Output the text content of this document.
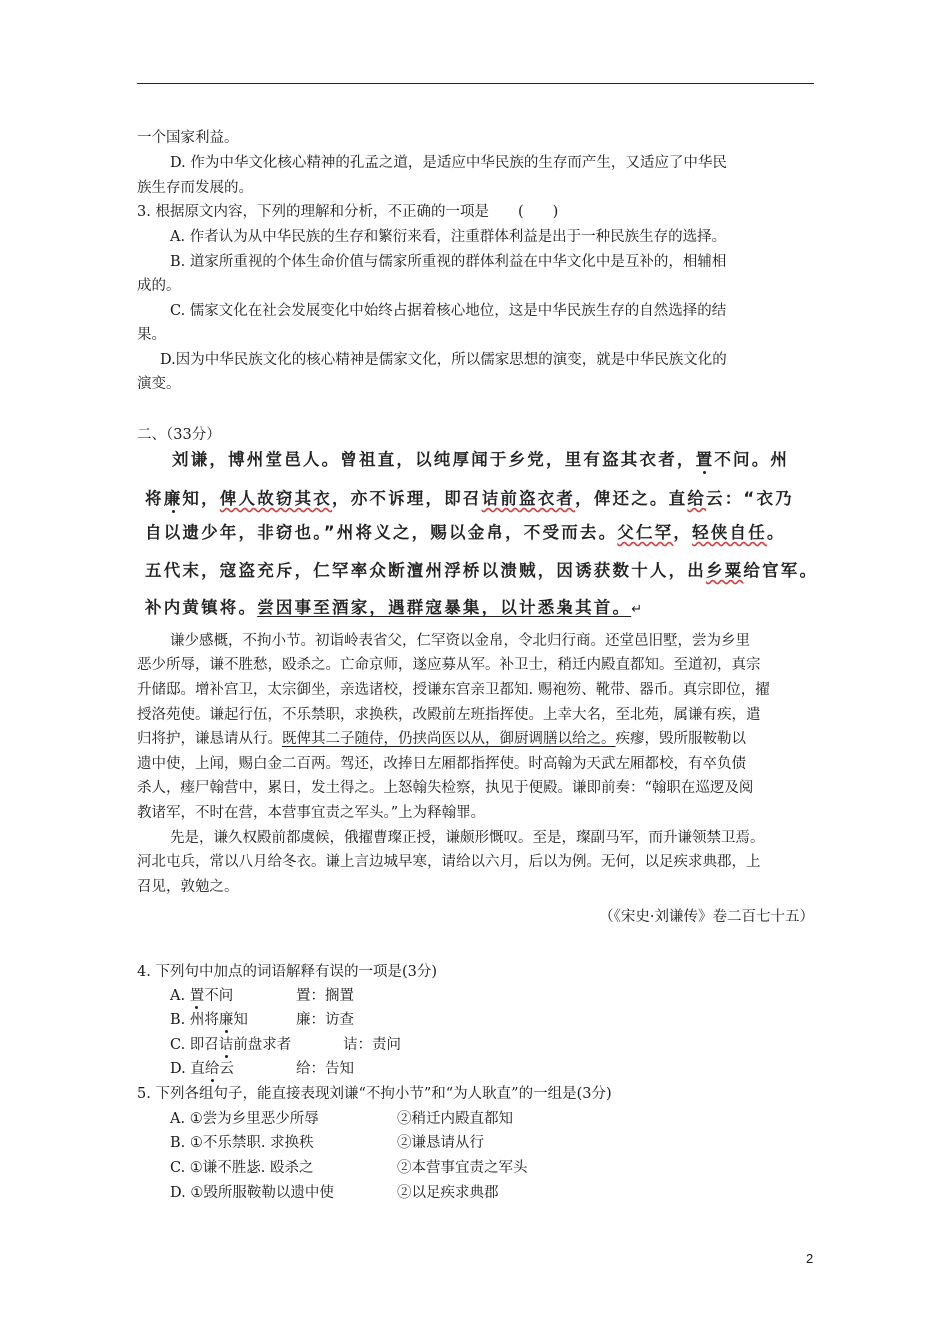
一个国家利益。
D. 作为中华文化核心精神的孔孟之道，是适应中华民族的生存而产生，又适应了中华民
族生存而发展的。
3. 根据原文内容，下列的理解和分析，不正确的一项是　　(　　)
A. 作者认为从中华民族的生存和繁衍来看，注重群体利益是出于一种民族生存的选择。
B. 道家所重视的个体生命价值与儒家所重视的群体利益在中华文化中是互补的，相辅相
成的。
C. 儒家文化在社会发展变化中始终占据着核心地位，这是中华民族生存的自然选择的结
果。
D.因为中华民族文化的核心精神是儒家文化，所以儒家思想的演变，就是中华民族文化的
演变。
二、（33分）
刘谦，博州堂邑人。曾祖直，以纯厚闻于乡党，里有盗其衣者，置不问。州
将廉知，俾人故窃其衣，亦不诉理，即召诘前盗衣者，俾还之。直给云：“衣乃
自以遗少年，非窃也。”州将义之，赐以金帛，不受而去。父仁罕，轻侠自任。
五代末，寇盗充斥，仁罕率众断澶州浮桥以溃贼，因诱获数十人，出乡粟给官军。
补内黄镇将。尝因事至酒家，遇群寇暴集，以计悉枭其首。↵
谦少感概，不拘小节。初诣岭表省父，仁罕资以金帛，令北归行商。还堂邑旧墅，尝为乡里
恶少所辱，谦不胜愁，殴杀之。亡命京师，遂应募从军。补卫士，稍迁内殿直都知。至道初，真宗
升储邸。增补宫卫，太宗御坐，亲选诸校，授谦东宫亲卫都知. 赐袍笏、靴带、器币。真宗即位，擢
授洛苑使。谦起行伍，不乐禁职，求换秩，改殿前左班指挥使。上幸大名，至北苑，属谦有疾，遣
归将护，谦恳请从行。既俾其二子随侍，仍挟尚医以从，御厨调膳以给之。疾瘳，毁所服鞍勒以
遗中使，上闻，赐白金二百两。驾还，改捧日左厢都指挥使。时高翰为天武左厢都校，有卒负债
杀人，瘗尸翰营中，累日，发土得之。上怒翰失检察，执见于便殿。谦即前奏：“翰职在巡逻及阅
教诸军，不时在营，本营事宜责之军头。”上为释翰罪。
先是，谦久权殿前都虞候，俄擢曹璨正授，谦颇形慨叹。至是，璨副马军，而升谦领禁卫焉。
河北屯兵，常以八月给冬衣。谦上言边城早寒，请给以六月，后以为例。无何，以足疾求典郡，上
召见，敦勉之。
（《宋史·刘谦传》卷二百七十五）
4. 下列句中加点的词语解释有误的一项是(3分)
A. 置不问	置：搁置
B. 州将廉知	廉：访查
C. 即召诘前盘求者	诘：责问
D. 直给云	给：告知
5. 下列各组句子，能直接表现刘谦“不拘小节”和“为人耿直”的一组是(3分)
A. ①尝为乡里恶少所辱	②稍迁内殿直都知
B. ①不乐禁职. 求换秩	②谦恳请从行
C. ①谦不胜毖. 殴杀之	②本营事宜责之军头
D. ①毁所服鞍勒以遗中使	②以足疾求典郡
2
